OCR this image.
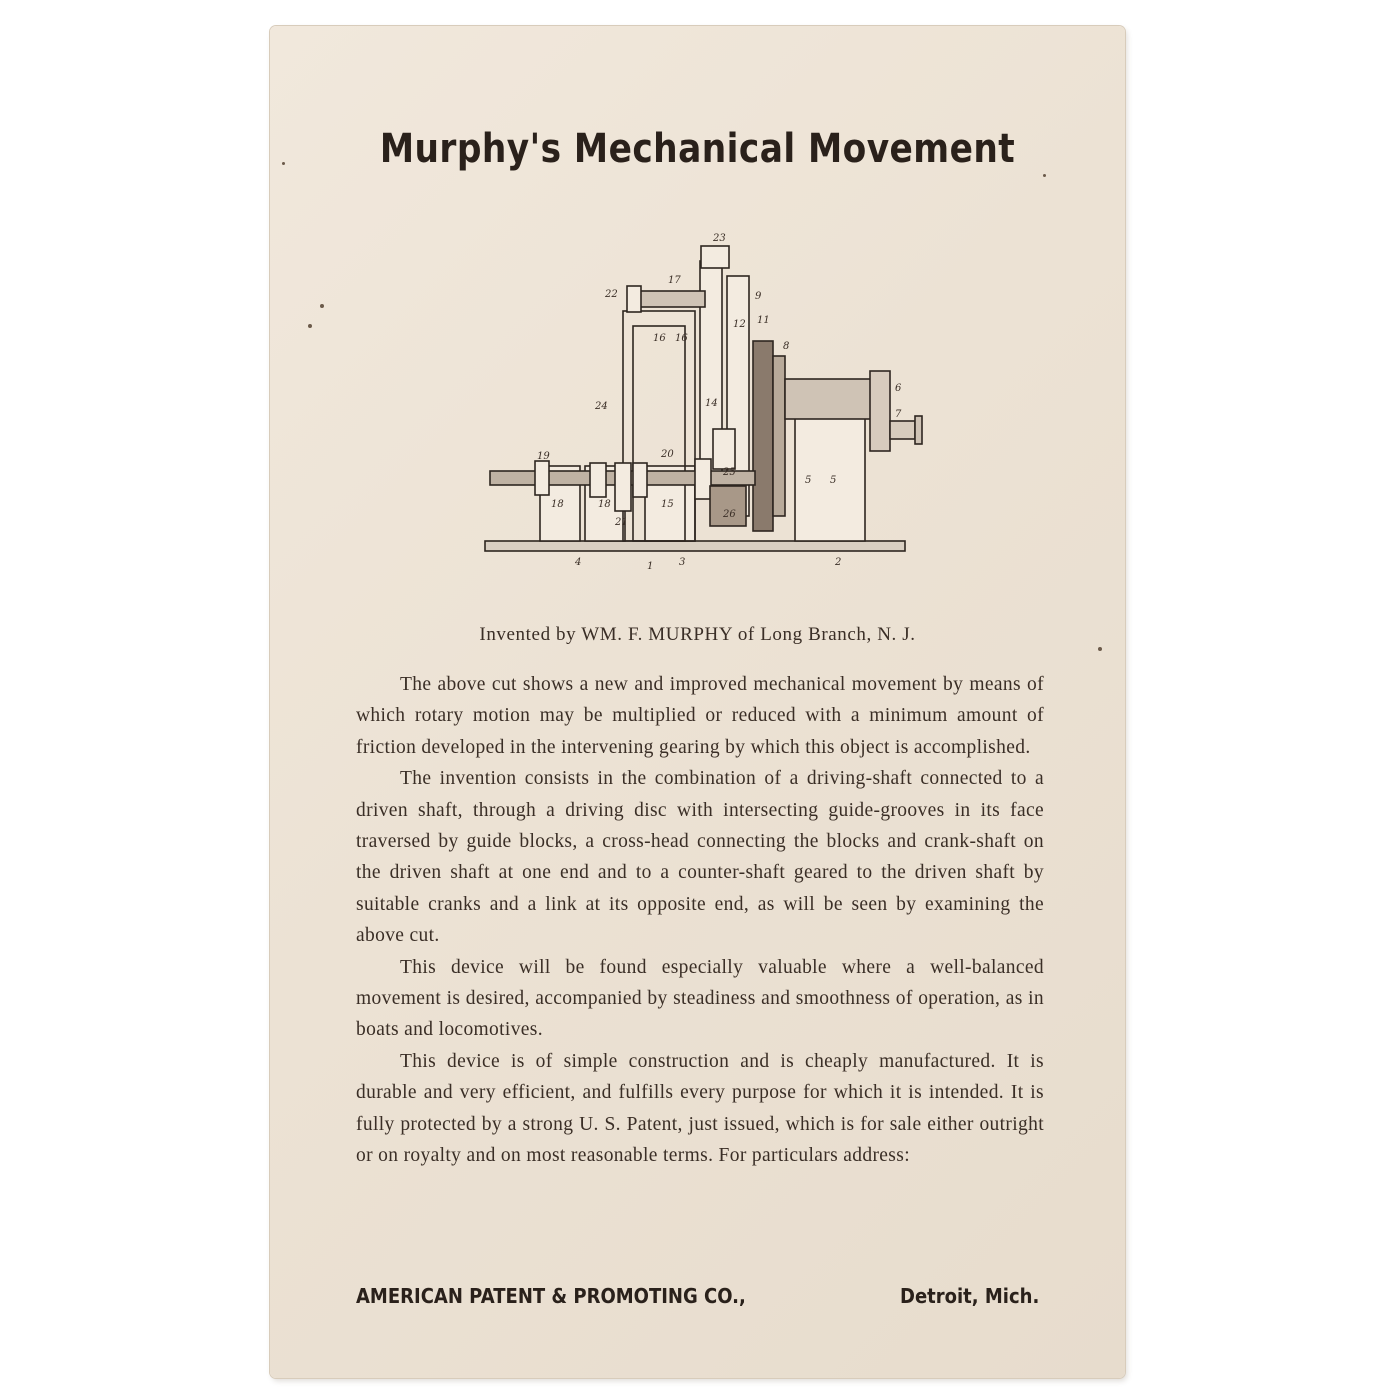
Murphy's Mechanical Movement
23
17
22	9
12 11
16 16
8
6
7
24	14
19	20
25
18	18
21
15
26
5 5
4	1	3	2
Invented by WM. F. MURPHY of Long Branch, N. J.

The above cut shows a new and improved mechanical movement by means of which rotary motion may be multiplied or reduced with a minimum amount of friction developed in the intervening gearing by which this object is accomplished.

The invention consists in the combination of a driving-shaft connected to a driven shaft, through a driving disc with intersecting guide-grooves in its face traversed by guide blocks, a cross-head connecting the blocks and crank-shaft on the driven shaft at one end and to a counter-shaft geared to the driven shaft by suitable cranks and a link at its opposite end, as will be seen by examining the above cut.

This device will be found especially valuable where a well-balanced movement is desired, accompanied by steadiness and smoothness of operation, as in boats and locomotives.

This device is of simple construction and is cheaply manufactured. It is durable and very efficient, and fulfills every purpose for which it is intended. It is fully protected by a strong U. S. Patent, just issued, which is for sale either outright or on royalty and on most reasonable terms. For particulars address:

AMERICAN PATENT & PROMOTING CO.,	Detroit, Mich.
